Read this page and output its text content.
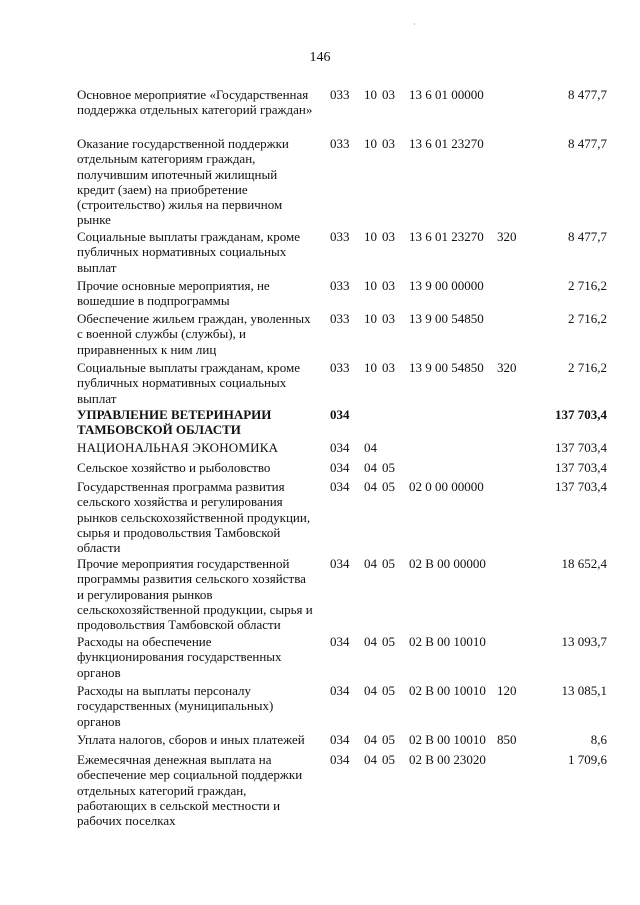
·
146
Основное мероприятие «Государственная поддержка отдельных категорий граждан»
033 10 03 13 6 01 00000	8 477,7
Оказание государственной поддержки отдельным категориям граждан, получившим ипотечный жилищный кредит (заем) на приобретение (строительство) жилья на первичном рынке
033 10 03 13 6 01 23270	8 477,7
Социальные выплаты гражданам, кроме публичных нормативных социальных выплат
033 10 03 13 6 01 23270 320	8 477,7
Прочие основные мероприятия, не вошедшие в подпрограммы
033 10 03 13 9 00 00000	2 716,2
Обеспечение жильем граждан, уволенных с военной службы (службы), и приравненных к ним лиц
033 10 03 13 9 00 54850	2 716,2
Социальные выплаты гражданам, кроме публичных нормативных социальных выплат
033 10 03 13 9 00 54850 320	2 716,2
УПРАВЛЕНИЕ ВЕТЕРИНАРИИ ТАМБОВСКОЙ ОБЛАСТИ
034	137 703,4
НАЦИОНАЛЬНАЯ ЭКОНОМИКА	034 04	137 703,4
Сельское хозяйство и рыболовство	034 04 05	137 703,4
Государственная программа развития сельского хозяйства и регулирования рынков сельскохозяйственной продукции, сырья и продовольствия Тамбовской области
034 04 05 02 0 00 00000	137 703,4
Прочие мероприятия государственной программы развития сельского хозяйства и регулирования рынков сельскохозяйственной продукции, сырья и продовольствия Тамбовской области
034 04 05 02 В 00 00000	18 652,4
Расходы на обеспечение функционирования государственных органов
034 04 05 02 В 00 10010	13 093,7
Расходы на выплаты персоналу государственных (муниципальных) органов
034 04 05 02 В 00 10010 120	13 085,1
Уплата налогов, сборов и иных платежей	034 04 05 02 В 00 10010 850	8,6
Ежемесячная денежная выплата на обеспечение мер социальной поддержки отдельных категорий граждан, работающих в сельской местности и рабочих поселках
034 04 05 02 В 00 23020	1 709,6
